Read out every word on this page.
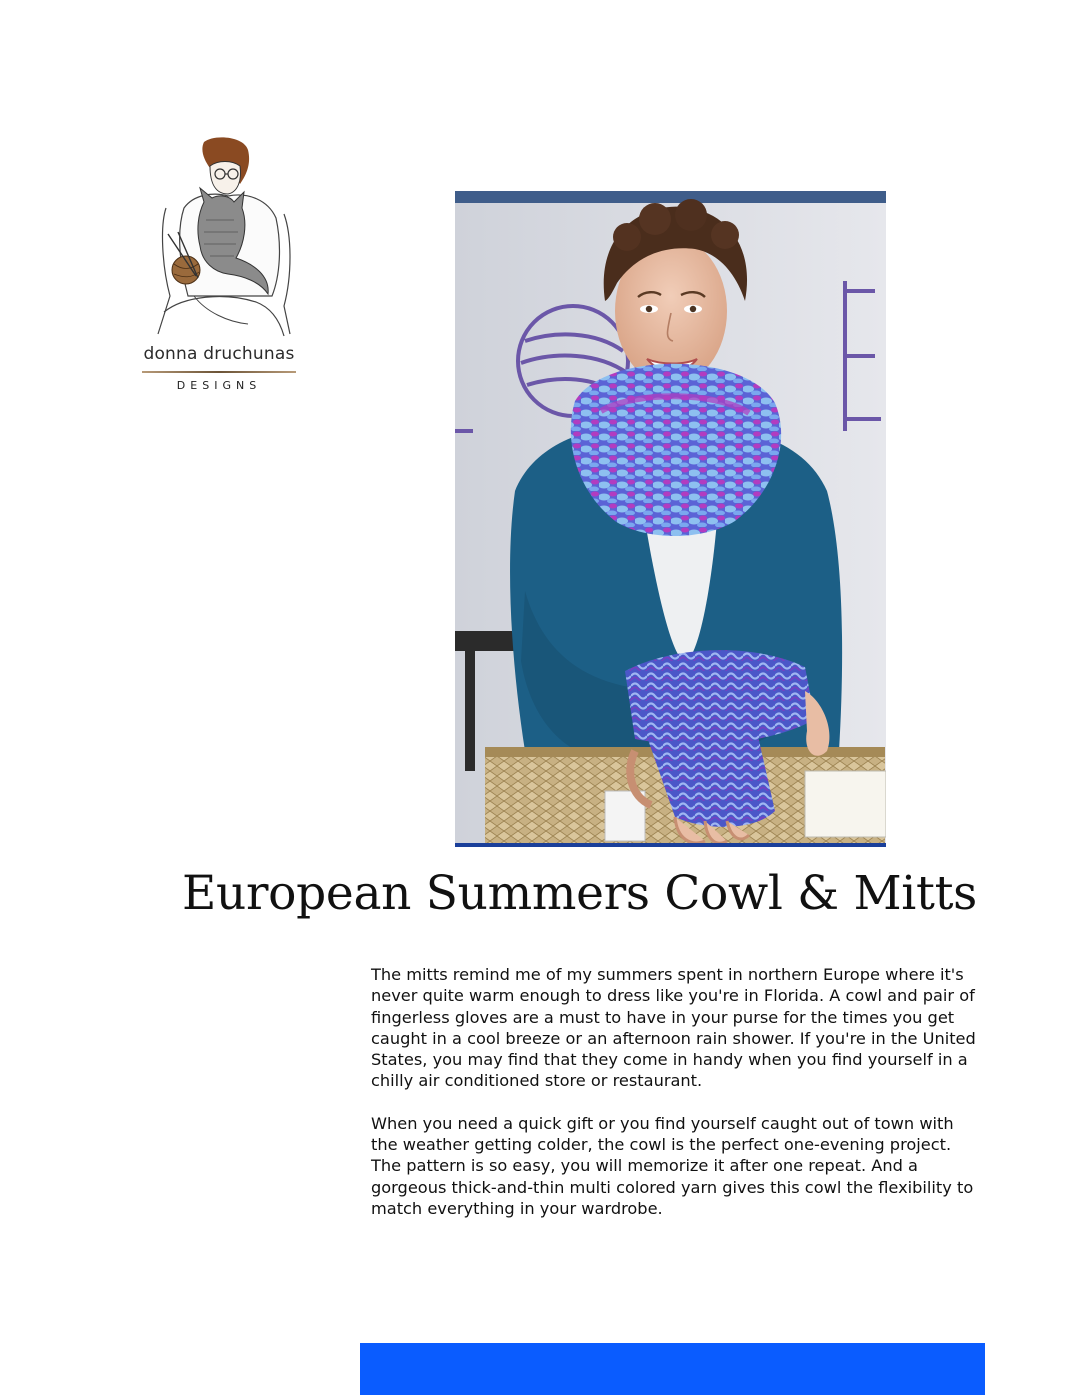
donna druchunas
DESIGNS
European Summers Cowl & Mitts

The mitts remind me of my summers spent in northern Europe where it's never quite warm enough to dress like you're in Florida. A cowl and pair of fingerless gloves are a must to have in your purse for the times you get caught in a cool breeze or an afternoon rain shower. If you're in the United States, you may find that they come in handy when you find yourself in a chilly air conditioned store or restaurant.

When you need a quick gift or you find yourself caught out of town with the weather getting colder, the cowl is the perfect one-evening project. The pattern is so easy, you will memorize it after one repeat. And a gorgeous thick-and-thin multi colored yarn gives this cowl the flexibility to match everything in your wardrobe.
